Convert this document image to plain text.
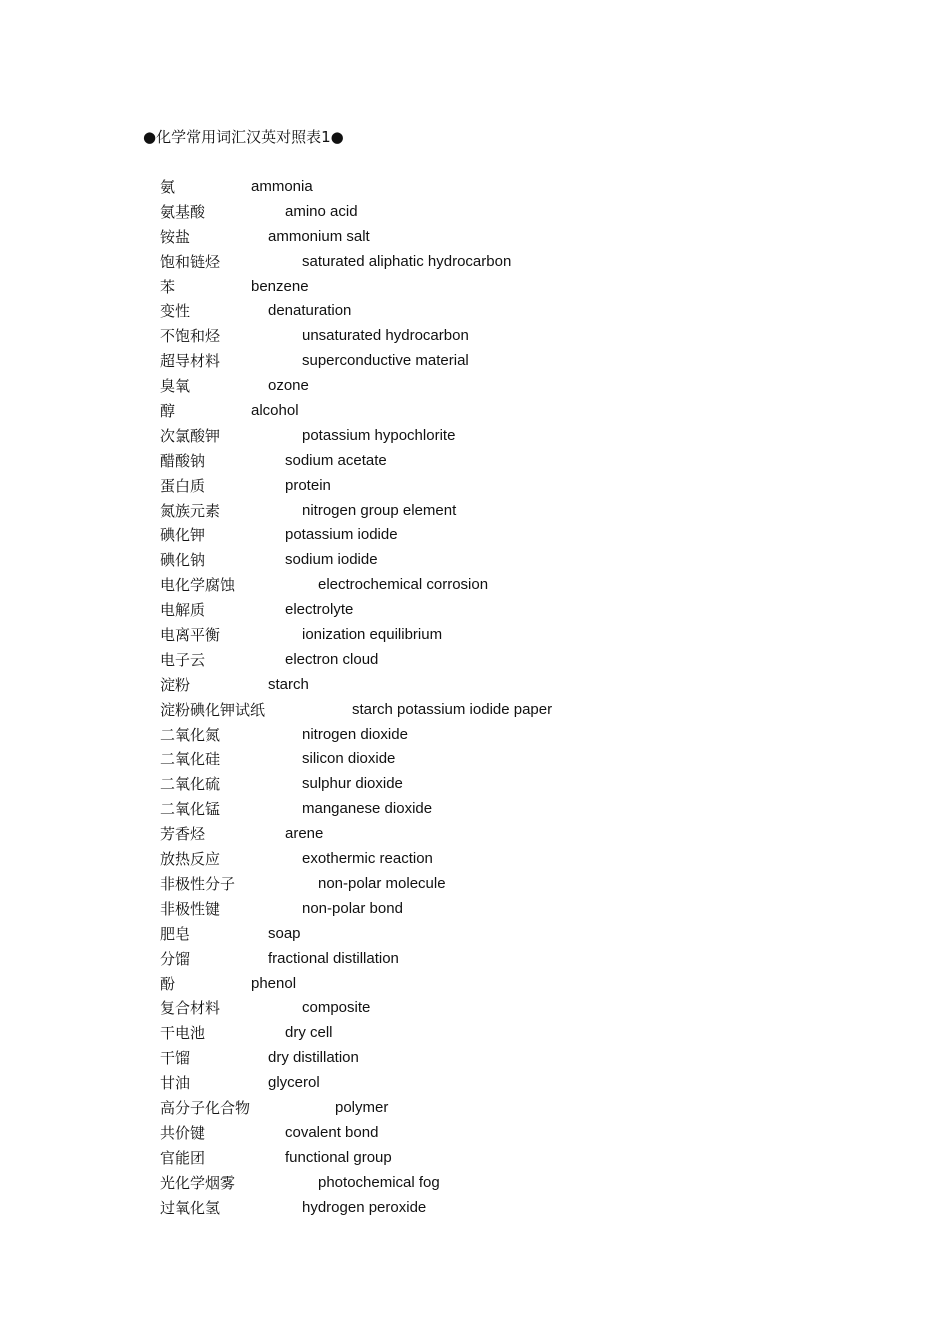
●化学常用词汇汉英对照表1●
氨	ammonia
氨基酸	amino acid
铵盐	ammonium salt
饱和链烃	saturated aliphatic hydrocarbon
苯	benzene
变性	denaturation
不饱和烃	unsaturated hydrocarbon
超导材料	superconductive material
臭氧	ozone
醇	alcohol
次氯酸钾	potassium hypochlorite
醋酸钠	sodium acetate
蛋白质	protein
氮族元素	nitrogen group element
碘化钾	potassium iodide
碘化钠	sodium iodide
电化学腐蚀	electrochemical corrosion
电解质	electrolyte
电离平衡	ionization equilibrium
电子云	electron cloud
淀粉	starch
淀粉碘化钾试纸	starch potassium iodide paper
二氧化氮	nitrogen dioxide
二氧化硅	silicon dioxide
二氧化硫	sulphur dioxide
二氧化锰	manganese dioxide
芳香烃	arene
放热反应	exothermic reaction
非极性分子	non-polar molecule
非极性键	non-polar bond
肥皂	soap
分馏	fractional distillation
酚	phenol
复合材料	composite
干电池	dry cell
干馏	dry distillation
甘油	glycerol
高分子化合物	polymer
共价键	covalent bond
官能团	functional group
光化学烟雾	photochemical fog
过氧化氢	hydrogen peroxide
